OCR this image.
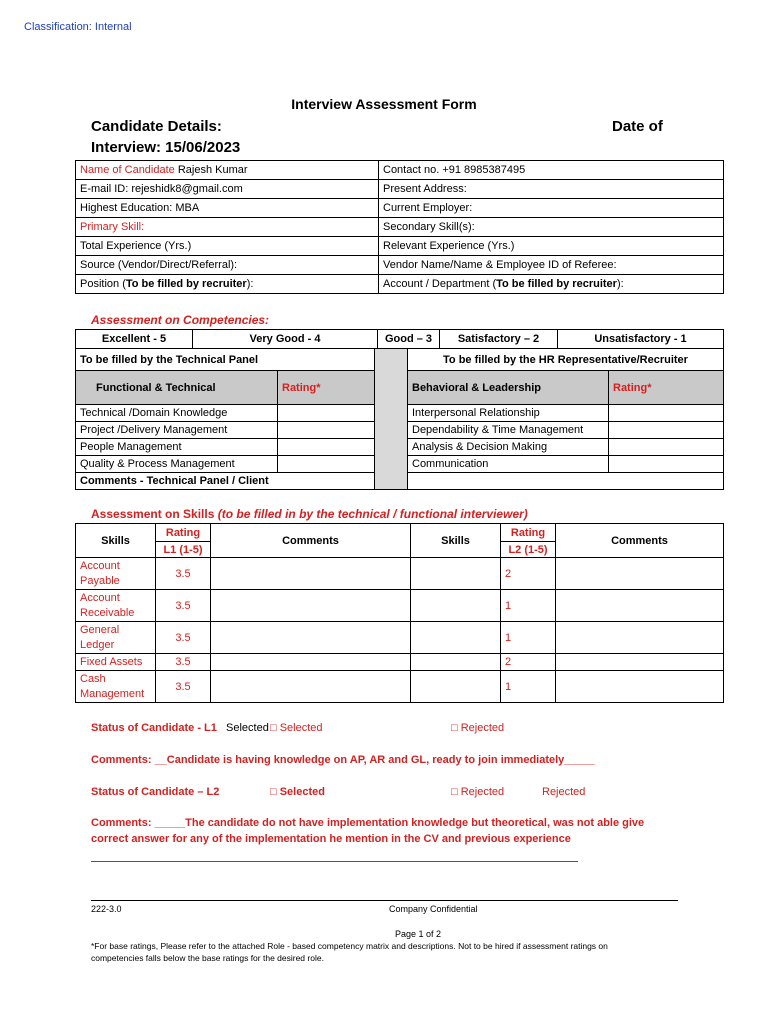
Classification: Internal
Interview Assessment Form
Candidate Details:	Date of
Interview: 15/06/2023
Name of Candidate Rajesh Kumar	Contact no. +91 8985387495
E-mail ID: rejeshidk8@gmail.com	Present Address:
Highest Education: MBA	Current Employer:
Primary Skill:	Secondary Skill(s):
Total Experience (Yrs.)	Relevant Experience (Yrs.)
Source (Vendor/Direct/Referral):	Vendor Name/Name & Employee ID of Referee:
Position (To be filled by recruiter):	Account / Department (To be filled by recruiter):
Assessment on Competencies:
Excellent - 5 Very Good - 4 Good – 3 Satisfactory – 2 Unsatisfactory - 1				

To be filled by the Technical Panel			To be filled by the HR Representative/Recruiter	
Functional & Technical	Rating*		Behavioral & Leadership	Rating*
Technical /Domain Knowledge			Interpersonal Relationship	
Project /Delivery Management			Dependability & Time Management	
People Management			Analysis & Decision Making	
Quality & Process Management			Communication	
Comments - Technical Panel / Client				
Assessment on Skills (to be filled in by the technical / functional interviewer)
Skills	Rating	Comments	Skills	Rating	Comments
	L1 (1-5)			L2 (1-5)	
Account Payable	3.5			2	
Account Receivable	3.5			1	
General Ledger	3.5			1	
Fixed Assets	3.5			2	
Cash Management	3.5			1	
Status of Candidate - L1 Selected □ Selected	□ Rejected
Comments: __Candidate is having knowledge on AP, AR and GL, ready to join immediately_____
Status of Candidate – L2	□ Selected	□ Rejected	Rejected
Comments: _____The candidate do not have implementation knowledge but theoretical, was not able give
correct answer for any of the implementation he mention in the CV and previous experience
222-3.0	Company Confidential
Page 1 of 2
*For base ratings, Please refer to the attached Role - based competency matrix and descriptions. Not to be hired if assessment ratings on
competencies falls below the base ratings for the desired role.
